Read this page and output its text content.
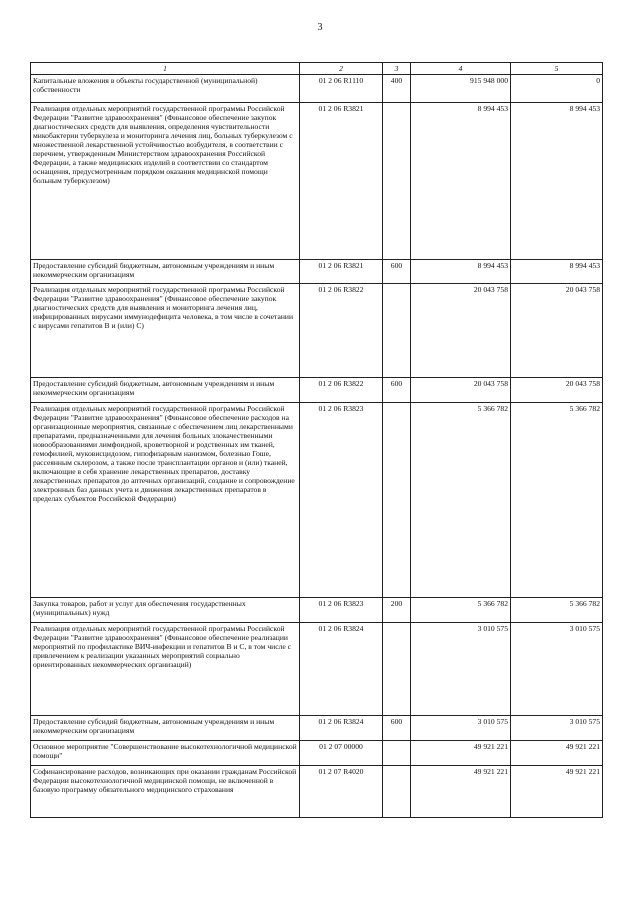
3
1	2	3	4	5
Капитальные вложения в объекты государственной (муниципальной) собственности	01 2 06 R1110	400	915 948 000	0
Реализация отдельных мероприятий государственной программы Российской Федерации "Развитие здравоохранения" (Финансовое обеспечение закупок диагностических средств для выявления, определения чувствительности микобактерии туберкулеза и мониторинга лечения лиц, больных туберкулезом с множественной лекарственной устойчивостью возбудителя, в соответствии с перечнем, утвержденным Министерством здравоохранения Российской Федерации, а также медицинских изделий в соответствии со стандартом оснащения, предусмотренным порядком оказания медицинской помощи больным туберкулезом)	01 2 06 R3821		8 994 453	8 994 453
Предоставление субсидий бюджетным, автономным учреждениям и иным некоммерческим организациям	01 2 06 R3821	600	8 994 453	8 994 453
Реализация отдельных мероприятий государственной программы Российской Федерации "Развитие здравоохранения" (Финансовое обеспечение закупок диагностических средств для выявления и мониторинга лечения лиц, инфицированных вирусами иммунодефицита человека, в том числе в сочетании с вирусами гепатитов В и (или) С)	01 2 06 R3822		20 043 758	20 043 758
Предоставление субсидий бюджетным, автономным учреждениям и иным некоммерческим организациям	01 2 06 R3822	600	20 043 758	20 043 758
Реализация отдельных мероприятий государственной программы Российской Федерации "Развитие здравоохранения" (Финансовое обеспечение расходов на организационные мероприятия, связанные с обеспечением лиц лекарственными препаратами, предназначенными для лечения больных злокачественными новообразованиями лимфоидной, кроветворной и родственных им тканей, гемофилией, муковисцидозом, гипофизарным нанизмом, болезнью Гоше, рассеянным склерозом, а также после трансплантации органов и (или) тканей, включающие в себя хранение лекарственных препаратов, доставку лекарственных препаратов до аптечных организаций, создание и сопровождение электронных баз данных учета и движения лекарственных препаратов в пределах субъектов Российской Федерации)	01 2 06 R3823		5 366 782	5 366 782
Закупка товаров, работ и услуг для обеспечения государственных (муниципальных) нужд	01 2 06 R3823	200	5 366 782	5 366 782
Реализация отдельных мероприятий государственной программы Российской Федерации "Развитие здравоохранения" (Финансовое обеспечение реализации мероприятий по профилактике ВИЧ-инфекции и гепатитов В и С, в том числе с привлечением к реализации указанных мероприятий социально ориентированных некоммерческих организаций)	01 2 06 R3824		3 010 575	3 010 575
Предоставление субсидий бюджетным, автономным учреждениям и иным некоммерческим организациям	01 2 06 R3824	600	3 010 575	3 010 575
Основное мероприятие "Совершенствование высокотехнологичной медицинской помощи"	01 2 07 00000		49 921 221	49 921 221
Софинансирование расходов, возникающих при оказании гражданам Российской Федерации высокотехнологичной медицинской помощи, не включенной в базовую программу обязательного медицинского страхования	01 2 07 R4020		49 921 221	49 921 221
